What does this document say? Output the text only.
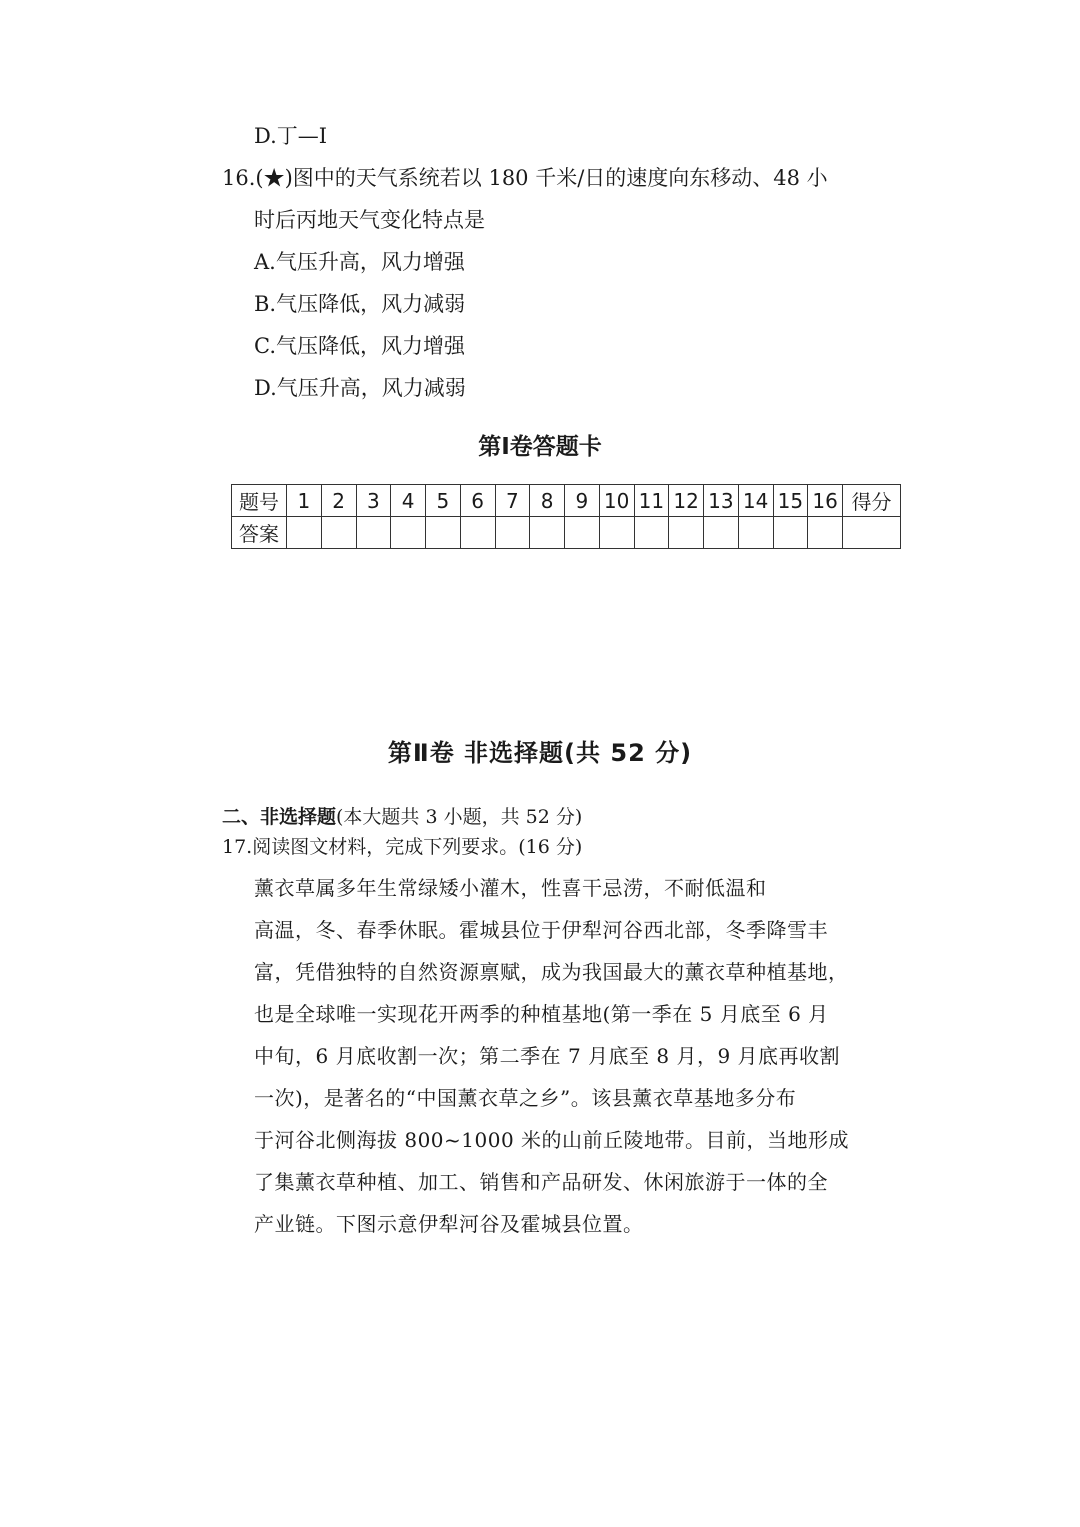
D.丁—I
16.(★)图中的天气系统若以 180 千米/日的速度向东移动、48 小
时后丙地天气变化特点是
A.气压升高，风力增强
B.气压降低，风力减弱
C.气压降低，风力增强
D.气压升高，风力减弱
第Ⅰ卷答题卡
题号	1	2	3	4	5	6	7	8	9	10	11	12	13	14	15	16	得分
答案																	
第Ⅱ卷 非选择题(共 52 分)
二、非选择题(本大题共 3 小题，共 52 分)
17.阅读图文材料，完成下列要求。(16 分)
薰衣草属多年生常绿矮小灌木，性喜干忌涝，不耐低温和
高温，冬、春季休眠。霍城县位于伊犁河谷西北部，冬季降雪丰
富，凭借独特的自然资源禀赋，成为我国最大的薰衣草种植基地，
也是全球唯一实现花开两季的种植基地(第一季在 5 月底至 6 月
中旬，6 月底收割一次；第二季在 7 月底至 8 月，9 月底再收割
一次)，是著名的“中国薰衣草之乡”。该县薰衣草基地多分布
于河谷北侧海拔 800~1000 米的山前丘陵地带。目前，当地形成
了集薰衣草种植、加工、销售和产品研发、休闲旅游于一体的全
产业链。下图示意伊犁河谷及霍城县位置。
